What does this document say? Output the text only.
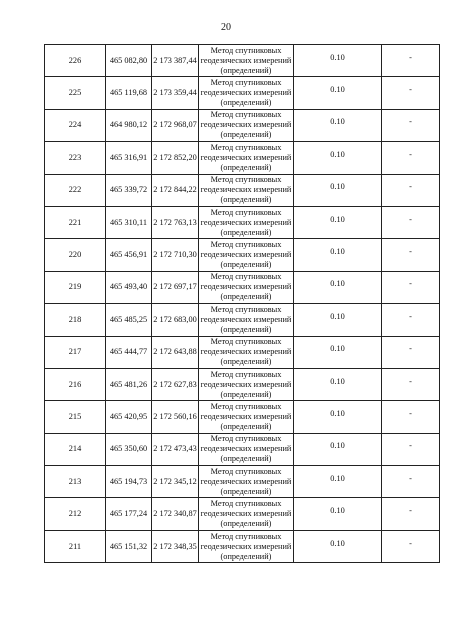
20
226	465 082,80	2 173 387,44	Метод спутниковых
геодезических измерений
(определений)	0.10	-
225	465 119,68	2 173 359,44	Метод спутниковых
геодезических измерений
(определений)	0.10	-
224	464 980,12	2 172 968,07	Метод спутниковых
геодезических измерений
(определений)	0.10	-
223	465 316,91	2 172 852,20	Метод спутниковых
геодезических измерений
(определений)	0.10	-
222	465 339,72	2 172 844,22	Метод спутниковых
геодезических измерений
(определений)	0.10	-
221	465 310,11	2 172 763,13	Метод спутниковых
геодезических измерений
(определений)	0.10	-
220	465 456,91	2 172 710,30	Метод спутниковых
геодезических измерений
(определений)	0.10	-
219	465 493,40	2 172 697,17	Метод спутниковых
геодезических измерений
(определений)	0.10	-
218	465 485,25	2 172 683,00	Метод спутниковых
геодезических измерений
(определений)	0.10	-
217	465 444,77	2 172 643,88	Метод спутниковых
геодезических измерений
(определений)	0.10	-
216	465 481,26	2 172 627,83	Метод спутниковых
геодезических измерений
(определений)	0.10	-
215	465 420,95	2 172 560,16	Метод спутниковых
геодезических измерений
(определений)	0.10	-
214	465 350,60	2 172 473,43	Метод спутниковых
геодезических измерений
(определений)	0.10	-
213	465 194,73	2 172 345,12	Метод спутниковых
геодезических измерений
(определений)	0.10	-
212	465 177,24	2 172 340,87	Метод спутниковых
геодезических измерений
(определений)	0.10	-
211	465 151,32	2 172 348,35	Метод спутниковых
геодезических измерений
(определений)	0.10	-
